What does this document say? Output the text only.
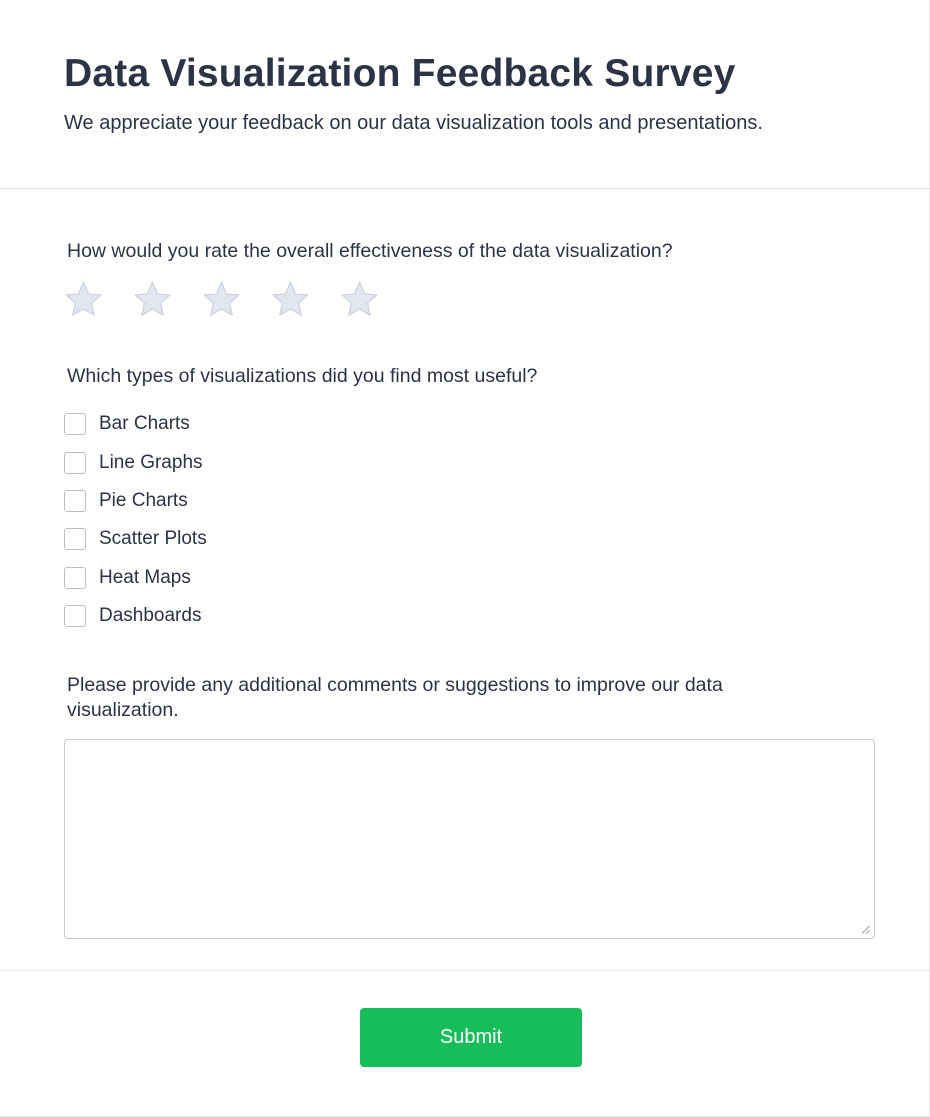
Data Visualization Feedback Survey

We appreciate your feedback on our data visualization tools and presentations.

How would you rate the overall effectiveness of the data visualization?

Which types of visualizations did you find most useful?

Bar Charts
Line Graphs
Pie Charts
Scatter Plots
Heat Maps
Dashboards

Please provide any additional comments or suggestions to improve our data visualization.

Submit
